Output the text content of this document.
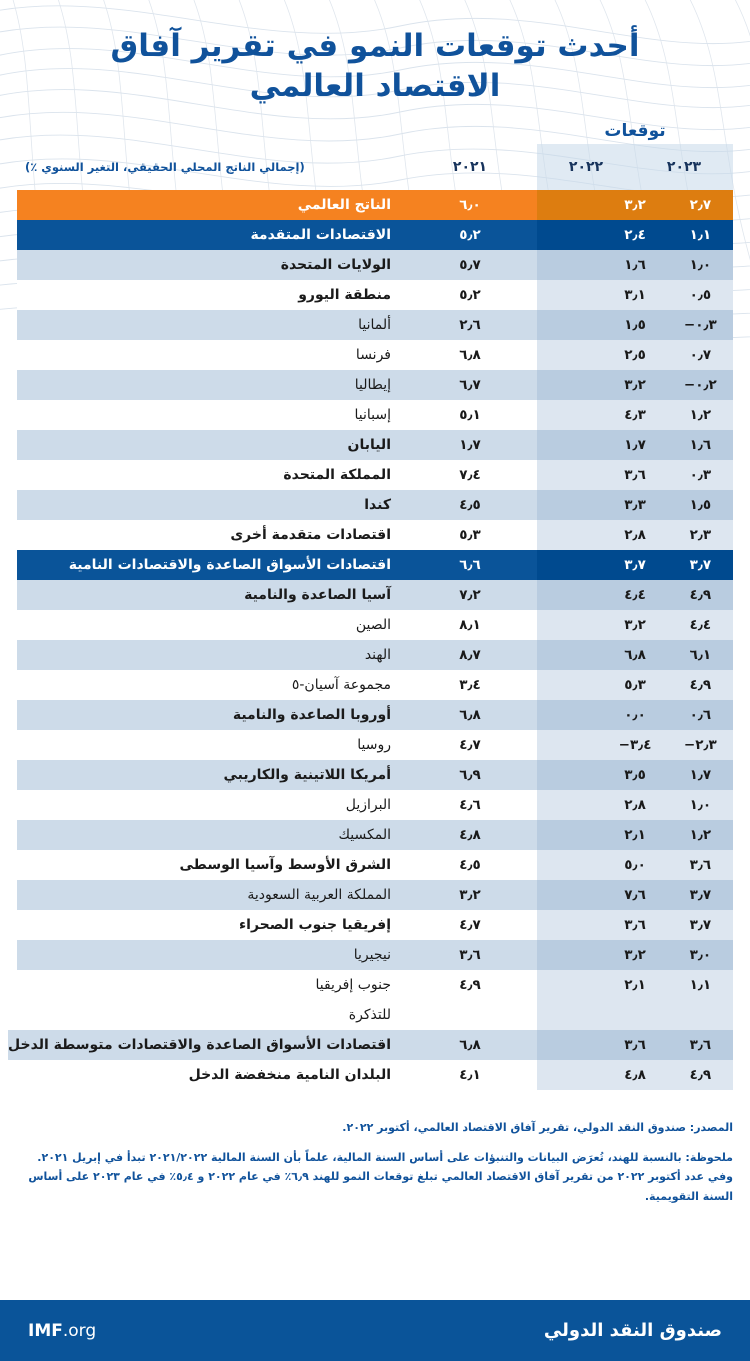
أحدث توقعات النمو في تقرير آفاق الاقتصاد العالمي
توقعات
٢٠٢٣
٢٠٢٢
٢٠٢١
(إجمالي الناتج المحلي الحقيقي، التغير السنوي ٪)
٢٫٧
٣٫٢
٦٫٠
الناتج العالمي
١٫١
٢٫٤
٥٫٢
الاقتصادات المتقدمة
١٫٠
١٫٦
٥٫٧
الولايات المتحدة
٠٫٥
٣٫١
٥٫٢
منطقة اليورو
٠٫٣−
١٫٥
٢٫٦
ألمانيا
٠٫٧
٢٫٥
٦٫٨
فرنسا
٠٫٢−
٣٫٢
٦٫٧
إيطاليا
١٫٢
٤٫٣
٥٫١
إسبانيا
١٫٦
١٫٧
١٫٧
اليابان
٠٫٣
٣٫٦
٧٫٤
المملكة المتحدة
١٫٥
٣٫٣
٤٫٥
كندا
٢٫٣
٢٫٨
٥٫٣
اقتصادات متقدمة أخرى
٣٫٧
٣٫٧
٦٫٦
اقتصادات الأسواق الصاعدة والاقتصادات النامية
٤٫٩
٤٫٤
٧٫٢
آسيا الصاعدة والنامية
٤٫٤
٣٫٢
٨٫١
الصين
٦٫١
٦٫٨
٨٫٧
الهند
٤٫٩
٥٫٣
٣٫٤
مجموعة آسيان-٥
٠٫٦
٠٫٠
٦٫٨
أوروبا الصاعدة والنامية
٢٫٣−
٣٫٤−
٤٫٧
روسيا
١٫٧
٣٫٥
٦٫٩
أمريكا اللاتينية والكاريبي
١٫٠
٢٫٨
٤٫٦
البرازيل
١٫٢
٢٫١
٤٫٨
المكسيك
٣٫٦
٥٫٠
٤٫٥
الشرق الأوسط وآسيا الوسطى
٣٫٧
٧٫٦
٣٫٢
المملكة العربية السعودية
٣٫٧
٣٫٦
٤٫٧
إفريقيا جنوب الصحراء
٣٫٠
٣٫٢
٣٫٦
نيجيريا
١٫١
٢٫١
٤٫٩
جنوب إفريقيا
للتذكرة
٣٫٦
٣٫٦
٦٫٨
اقتصادات الأسواق الصاعدة والاقتصادات متوسطة الدخل
٤٫٩
٤٫٨
٤٫١
البلدان النامية منخفضة الدخل
المصدر: صندوق النقد الدولي، تقرير آفاق الاقتصاد العالمي، أكتوبر ٢٠٢٢.
ملحوظة: بالنسبة للهند، تُعرَض البيانات والتنبؤات على أساس السنة المالية، علماً بأن السنة المالية ٢٠٢١/٢٠٢٢ تبدأ في إبريل ٢٠٢١. وفي عدد أكتوبر ٢٠٢٢ من تقرير آفاق الاقتصاد العالمي تبلغ توقعات النمو للهند ٦٫٩٪ في عام ٢٠٢٢ و ٥٫٤٪ في عام ٢٠٢٣ على أساس السنة التقويمية.
صندوق النقد الدولي
IMF.org
